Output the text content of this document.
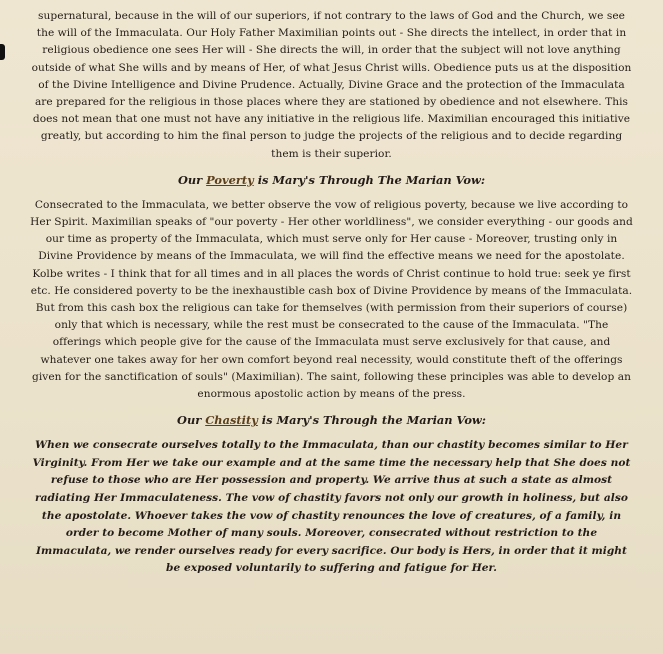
supernatural, because in the will of our superiors, if not contrary to the laws of God and the Church, we see the will of the Immaculata. Our Holy Father Maximilian points out - She directs the intellect, in order that in religious obedience one sees Her will - She directs the will, in order that the subject will not love anything outside of what She wills and by means of Her, of what Jesus Christ wills. Obedience puts us at the disposition of the Divine Intelligence and Divine Prudence. Actually, Divine Grace and the protection of the Immaculata are prepared for the religious in those places where they are stationed by obedience and not elsewhere. This does not mean that one must not have any initiative in the religious life. Maximilian encouraged this initiative greatly, but according to him the final person to judge the projects of the religious and to decide regarding them is their superior.

Our Poverty is Mary's Through The Marian Vow:

Consecrated to the Immaculata, we better observe the vow of religious poverty, because we live according to Her Spirit. Maximilian speaks of "our poverty - Her other worldliness", we consider everything - our goods and our time as property of the Immaculata, which must serve only for Her cause - Moreover, trusting only in Divine Providence by means of the Immaculata, we will find the effective means we need for the apostolate. Kolbe writes - I think that for all times and in all places the words of Christ continue to hold true: seek ye first etc. He considered poverty to be the inexhaustible cash box of Divine Providence by means of the Immaculata. But from this cash box the religious can take for themselves (with permission from their superiors of course) only that which is necessary, while the rest must be consecrated to the cause of the Immaculata. "The offerings which people give for the cause of the Immaculata must serve exclusively for that cause, and whatever one takes away for her own comfort beyond real necessity, would constitute theft of the offerings given for the sanctification of souls" (Maximilian). The saint, following these principles was able to develop an enormous apostolic action by means of the press.

Our Chastity is Mary's Through the Marian Vow:

When we consecrate ourselves totally to the Immaculata, than our chastity becomes similar to Her Virginity. From Her we take our example and at the same time the necessary help that She does not refuse to those who are Her possession and property. We arrive thus at such a state as almost radiating Her Immaculateness. The vow of chastity favors not only our growth in holiness, but also the apostolate. Whoever takes the vow of chastity renounces the love of creatures, of a family, in order to become Mother of many souls. Moreover, consecrated without restriction to the Immaculata, we render ourselves ready for every sacrifice. Our body is Hers, in order that it might be exposed voluntarily to suffering and fatigue for Her.
